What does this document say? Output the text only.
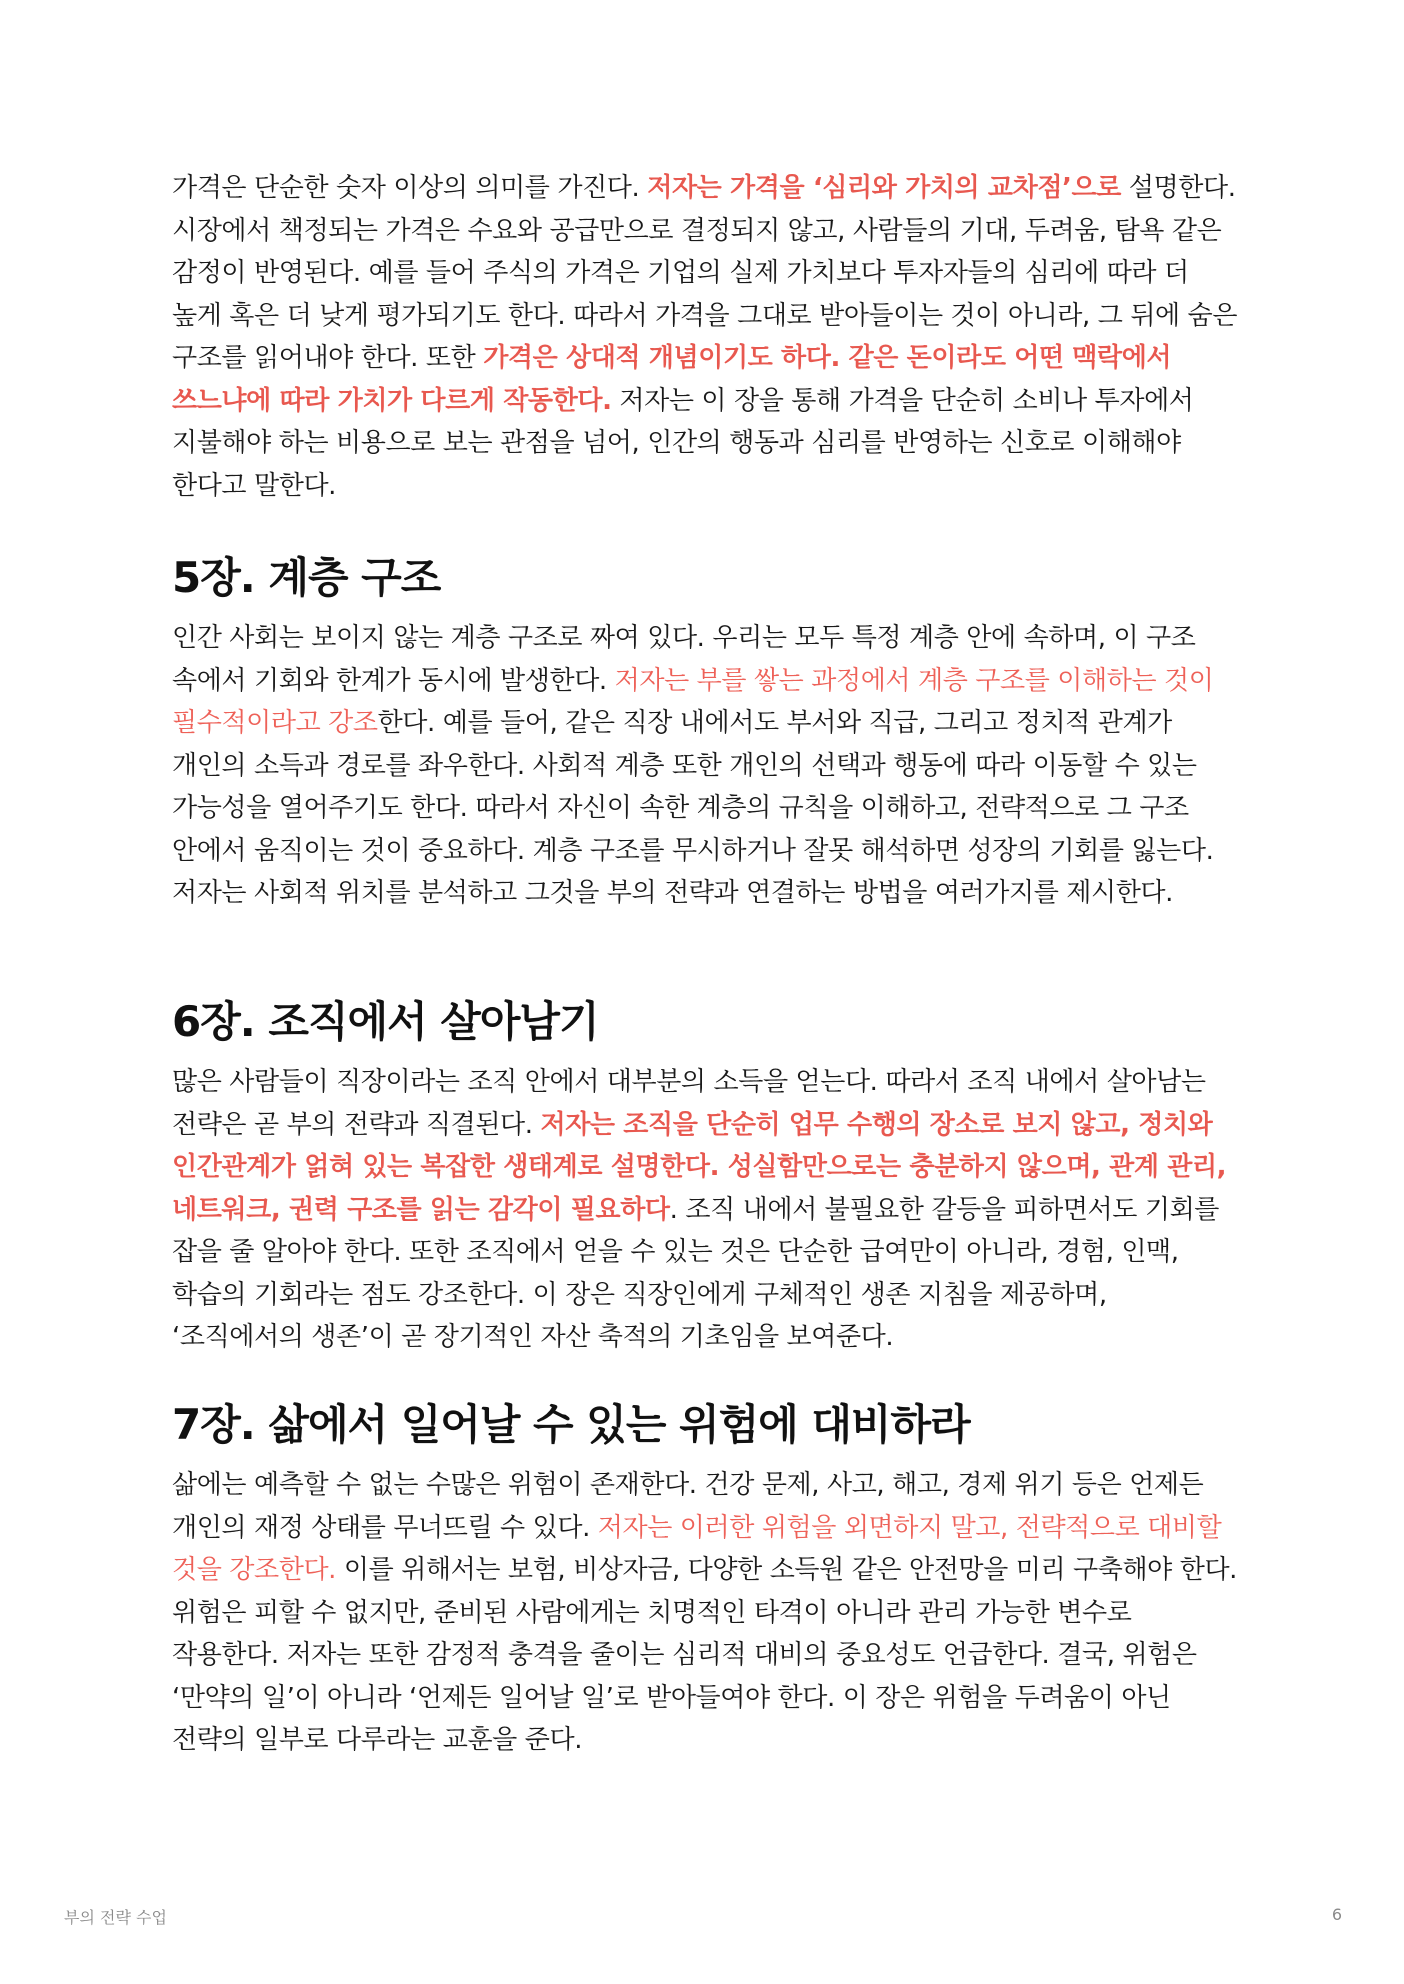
가격은 단순한 숫자 이상의 의미를 가진다. 저자는 가격을 ‘심리와 가치의 교차점’으로 설명한다. 시장에서 책정되는 가격은 수요와 공급만으로 결정되지 않고, 사람들의 기대, 두려움, 탐욕 같은 감정이 반영된다. 예를 들어 주식의 가격은 기업의 실제 가치보다 투자자들의 심리에 따라 더 높게 혹은 더 낮게 평가되기도 한다. 따라서 가격을 그대로 받아들이는 것이 아니라, 그 뒤에 숨은 구조를 읽어내야 한다. 또한 가격은 상대적 개념이기도 하다. 같은 돈이라도 어떤 맥락에서 쓰느냐에 따라 가치가 다르게 작동한다. 저자는 이 장을 통해 가격을 단순히 소비나 투자에서 지불해야 하는 비용으로 보는 관점을 넘어, 인간의 행동과 심리를 반영하는 신호로 이해해야 한다고 말한다.

5장. 계층 구조

인간 사회는 보이지 않는 계층 구조로 짜여 있다. 우리는 모두 특정 계층 안에 속하며, 이 구조 속에서 기회와 한계가 동시에 발생한다. 저자는 부를 쌓는 과정에서 계층 구조를 이해하는 것이 필수적이라고 강조한다. 예를 들어, 같은 직장 내에서도 부서와 직급, 그리고 정치적 관계가 개인의 소득과 경로를 좌우한다. 사회적 계층 또한 개인의 선택과 행동에 따라 이동할 수 있는 가능성을 열어주기도 한다. 따라서 자신이 속한 계층의 규칙을 이해하고, 전략적으로 그 구조 안에서 움직이는 것이 중요하다. 계층 구조를 무시하거나 잘못 해석하면 성장의 기회를 잃는다. 저자는 사회적 위치를 분석하고 그것을 부의 전략과 연결하는 방법을 여러가지를 제시한다.

6장. 조직에서 살아남기

많은 사람들이 직장이라는 조직 안에서 대부분의 소득을 얻는다. 따라서 조직 내에서 살아남는 전략은 곧 부의 전략과 직결된다. 저자는 조직을 단순히 업무 수행의 장소로 보지 않고, 정치와 인간관계가 얽혀 있는 복잡한 생태계로 설명한다. 성실함만으로는 충분하지 않으며, 관계 관리, 네트워크, 권력 구조를 읽는 감각이 필요하다. 조직 내에서 불필요한 갈등을 피하면서도 기회를 잡을 줄 알아야 한다. 또한 조직에서 얻을 수 있는 것은 단순한 급여만이 아니라, 경험, 인맥, 학습의 기회라는 점도 강조한다. 이 장은 직장인에게 구체적인 생존 지침을 제공하며, ‘조직에서의 생존’이 곧 장기적인 자산 축적의 기초임을 보여준다.

7장. 삶에서 일어날 수 있는 위험에 대비하라

삶에는 예측할 수 없는 수많은 위험이 존재한다. 건강 문제, 사고, 해고, 경제 위기 등은 언제든 개인의 재정 상태를 무너뜨릴 수 있다. 저자는 이러한 위험을 외면하지 말고, 전략적으로 대비할 것을 강조한다. 이를 위해서는 보험, 비상자금, 다양한 소득원 같은 안전망을 미리 구축해야 한다. 위험은 피할 수 없지만, 준비된 사람에게는 치명적인 타격이 아니라 관리 가능한 변수로 작용한다. 저자는 또한 감정적 충격을 줄이는 심리적 대비의 중요성도 언급한다. 결국, 위험은 ‘만약의 일’이 아니라 ‘언제든 일어날 일’로 받아들여야 한다. 이 장은 위험을 두려움이 아닌 전략의 일부로 다루라는 교훈을 준다.

부의 전략 수업	6
